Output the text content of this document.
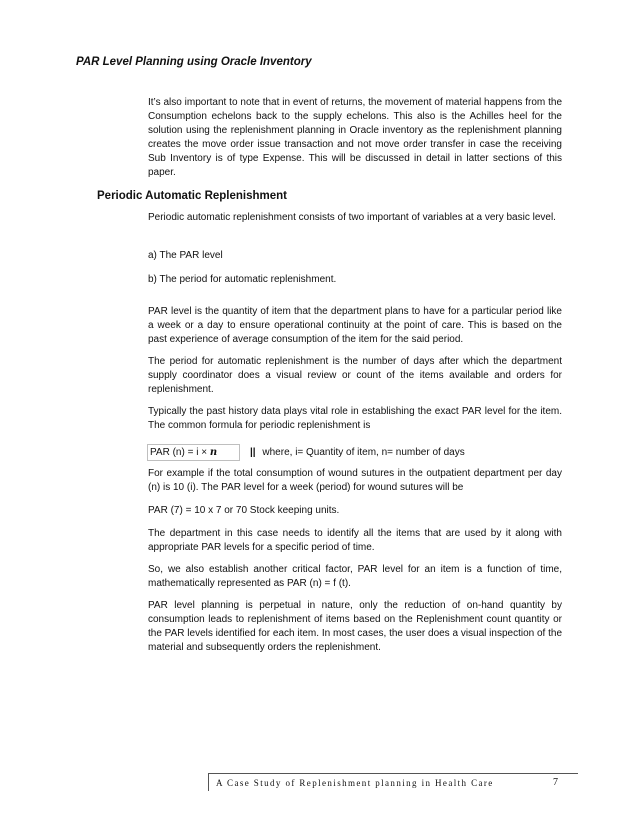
PAR Level Planning using Oracle Inventory

It’s also important to note that in event of returns, the movement of material happens from the Consumption echelons back to the supply echelons. This also is the Achilles heel for the solution using the replenishment planning in Oracle inventory as the replenishment planning creates the move order issue transaction and not move order transfer in case the receiving Sub Inventory is of type Expense. This will be discussed in detail in latter sections of this paper.

Periodic Automatic Replenishment

Periodic automatic replenishment consists of two important of variables at a very basic level.

a) The PAR level

b) The period for automatic replenishment.

PAR level is the quantity of item that the department plans to have for a particular period like a week or a day to ensure operational continuity at the point of care. This is based on the past experience of average consumption of the item for the said period.

The period for automatic replenishment is the number of days after which the department supply coordinator does a visual review or count of the items available and orders for replenishment.

Typically the past history data plays vital role in establishing the exact PAR level for the item. The common formula for periodic replenishment is

PAR (n) = i × n	|| where, i= Quantity of item, n= number of days

For example if the total consumption of wound sutures in the outpatient department per day (n) is 10 (i). The PAR level for a week (period) for wound sutures will be

PAR (7) = 10 x 7 or 70 Stock keeping units.

The department in this case needs to identify all the items that are used by it along with appropriate PAR levels for a specific period of time.

So, we also establish another critical factor, PAR level for an item is a function of time, mathematically represented as PAR (n) = f (t).

PAR level planning is perpetual in nature, only the reduction of on-hand quantity by consumption leads to replenishment of items based on the Replenishment count quantity or the PAR levels identified for each item. In most cases, the user does a visual inspection of the material and subsequently orders the replenishment.

A Case Study of Replenishment planning in Health Care	7
